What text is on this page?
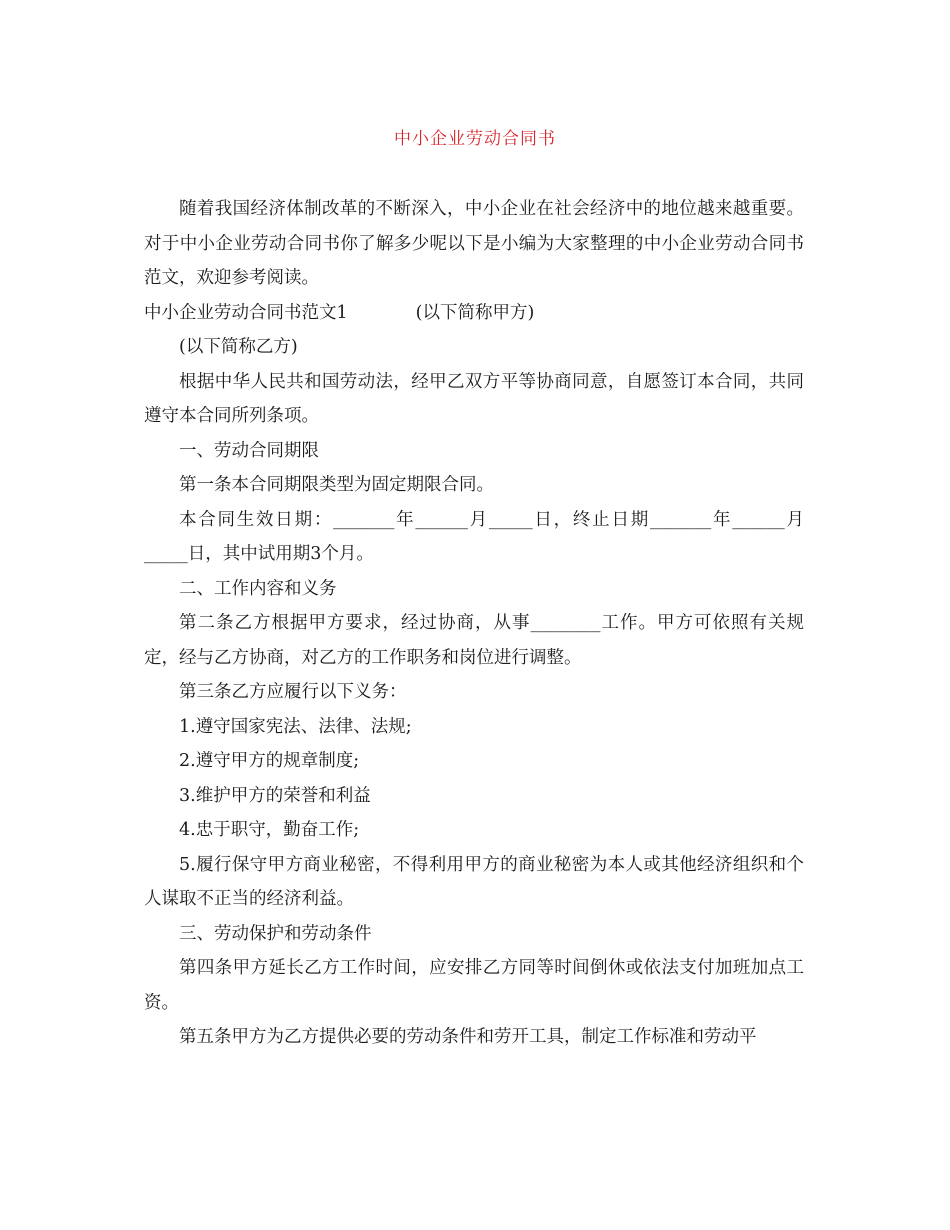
中小企业劳动合同书

随着我国经济体制改革的不断深入，中小企业在社会经济中的地位越来越重要。对于中小企业劳动合同书你了解多少呢以下是小编为大家整理的中小企业劳动合同书范文，欢迎参考阅读。

中小企业劳动合同书范文1	(以下简称甲方)

(以下简称乙方)

根据中华人民共和国劳动法，经甲乙双方平等协商同意，自愿签订本合同，共同遵守本合同所列条项。

一、劳动合同期限

第一条本合同期限类型为固定期限合同。

本合同生效日期：_______年______月_____日，终止日期_______年______月_____日，其中试用期3个月。

二、工作内容和义务

第二条乙方根据甲方要求，经过协商，从事________工作。甲方可依照有关规定，经与乙方协商，对乙方的工作职务和岗位进行调整。

第三条乙方应履行以下义务：

1.遵守国家宪法、法律、法规;

2.遵守甲方的规章制度;

3.维护甲方的荣誉和利益

4.忠于职守，勤奋工作;

5.履行保守甲方商业秘密，不得利用甲方的商业秘密为本人或其他经济组织和个人谋取不正当的经济利益。

三、劳动保护和劳动条件

第四条甲方延长乙方工作时间，应安排乙方同等时间倒休或依法支付加班加点工资。

第五条甲方为乙方提供必要的劳动条件和劳开工具，制定工作标准和劳动平
